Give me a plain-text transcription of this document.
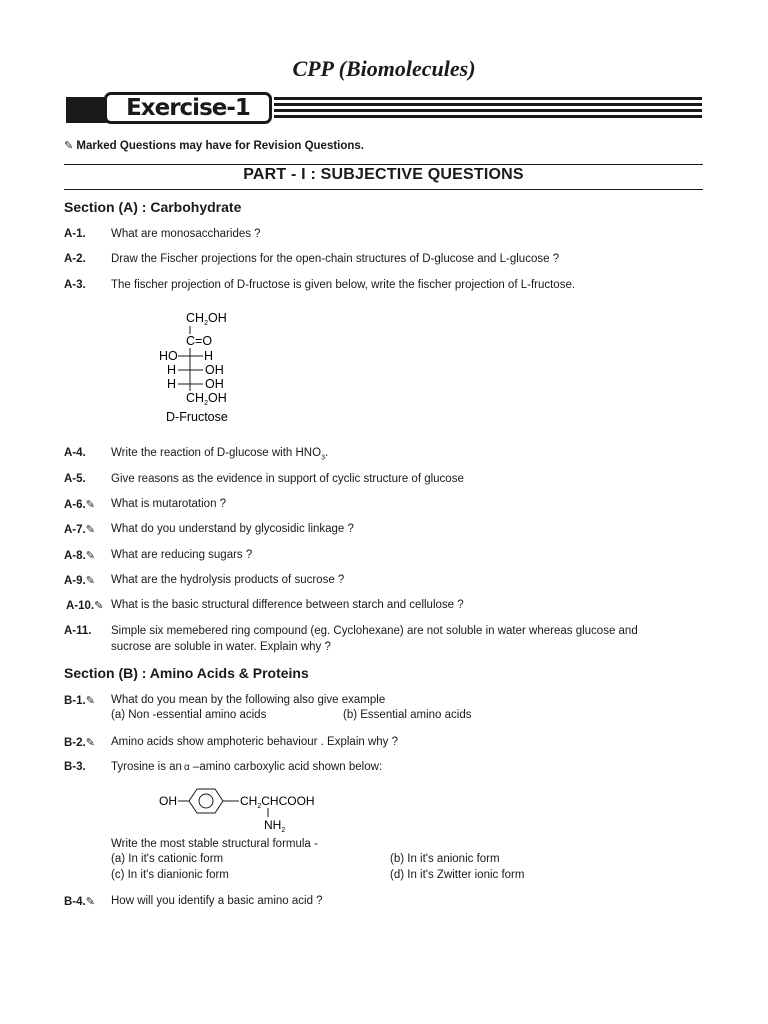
CPP (Biomolecules)
Exercise-1
✎ Marked Questions may have for Revision Questions.
PART - I : SUBJECTIVE QUESTIONS
Section (A) : Carbohydrate
A-1. What are monosaccharides ?
A-2. Draw the Fischer projections for the open-chain structures of D-glucose and L-glucose ?
A-3. The fischer projection of D-fructose is given below, write the fischer projection of L-fructose.
$CH_2OH$
C=O
HO H
H OH
H OH
$CH_2OH$
D-Fructose
A-4. Write the reaction of D-glucose with $HNO_3$.
A-5. Give reasons as the evidence in support of cyclic structure of glucose
A-6.✎ What is mutarotation ?
A-7.✎ What do you understand by glycosidic linkage ?
A-8.✎ What are reducing sugars ?
A-9.✎ What are the hydrolysis products of sucrose ?
A-10.✎ What is the basic structural difference between starch and cellulose ?
A-11. Simple six memebered ring compound (eg. Cyclohexane) are not soluble in water whereas glucose and
sucrose are soluble in water. Explain why ?
Section (B) : Amino Acids & Proteins
B-1.✎ What do you mean by the following also give example
(a) Non -essential amino acids	(b) Essential amino acids
B-2.✎ Amino acids show amphoteric behaviour . Explain why ?
B-3. Tyrosine is an α –amino carboxylic acid shown below:
OH	$CH_2CHCOOH$
$NH_2$
Write the most stable structural formula -
(a) In it's cationic form	(b) In it's anionic form
(c) In it's dianionic form	(d) In it's Zwitter ionic form
B-4.✎ How will you identify a basic amino acid ?
